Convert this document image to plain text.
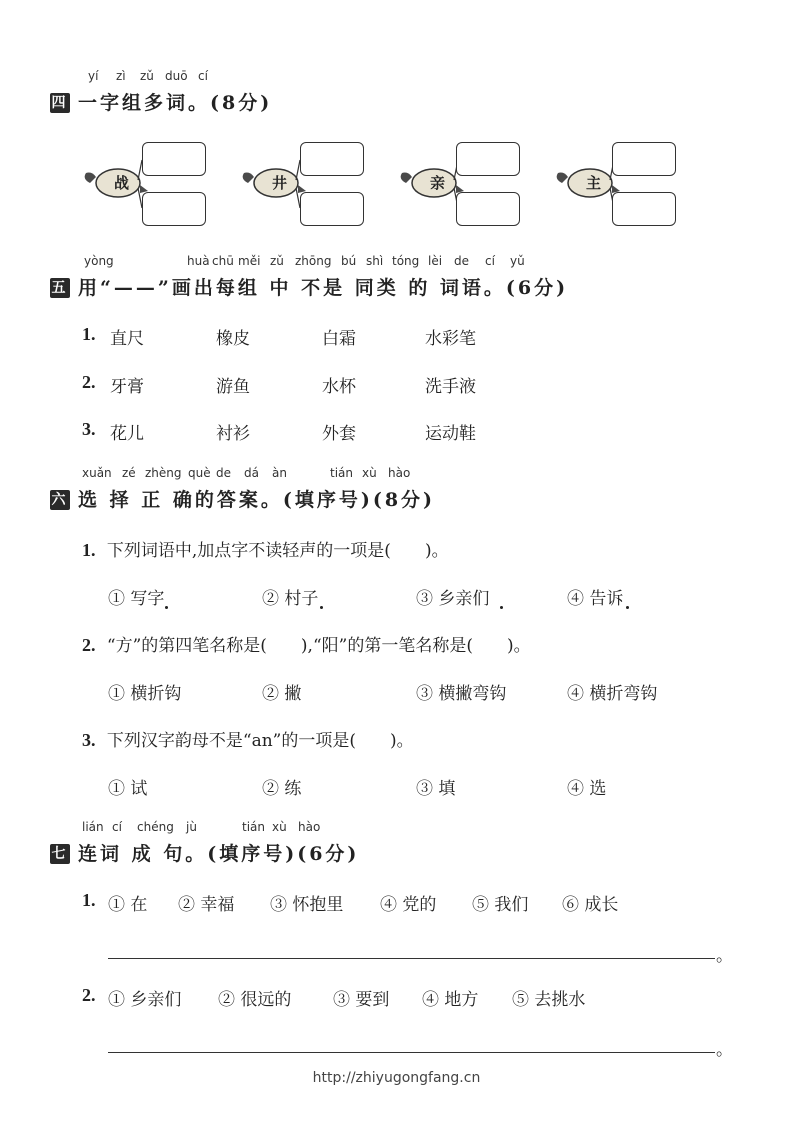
yí zì zǔ duō cí
四 一字组多词。(8分)
战	井	亲	主
yòng	huà chū měi zǔ zhōng bú shì tóng lèi de cí yǔ
五 用“——”画出每组 中 不是 同类 的 词语。(6分)
1. 直尺	橡皮	白霜	水彩笔
2. 牙膏	游鱼	水杯	洗手液
3. 花儿	衬衫	外套	运动鞋
xuǎn zé zhèng què de dá àn	tián xù hào
六 选 择 正 确的答案。(填序号)(8分)
1. 下列词语中,加点字不读轻声的一项是(　　)。
① 写字	② 村子	③ 乡亲们	④ 告诉
2. “方”的第四笔名称是(　　),“阳”的第一笔名称是(　　)。
① 横折钩	② 撇	③ 横撇弯钩	④ 横折弯钩
3. 下列汉字韵母不是“an”的一项是(　　)。
① 试	② 练	③ 填	④ 选
lián cí chéng jù	tián xù hào
七 连词 成 句。(填序号)(6分)
1. ① 在 ② 幸福 ③ 怀抱里 ④ 党的 ⑤ 我们 ⑥ 成长
。
2. ① 乡亲们 ② 很远的 ③ 要到 ④ 地方 ⑤ 去挑水
。
http://zhiyugongfang.cn
